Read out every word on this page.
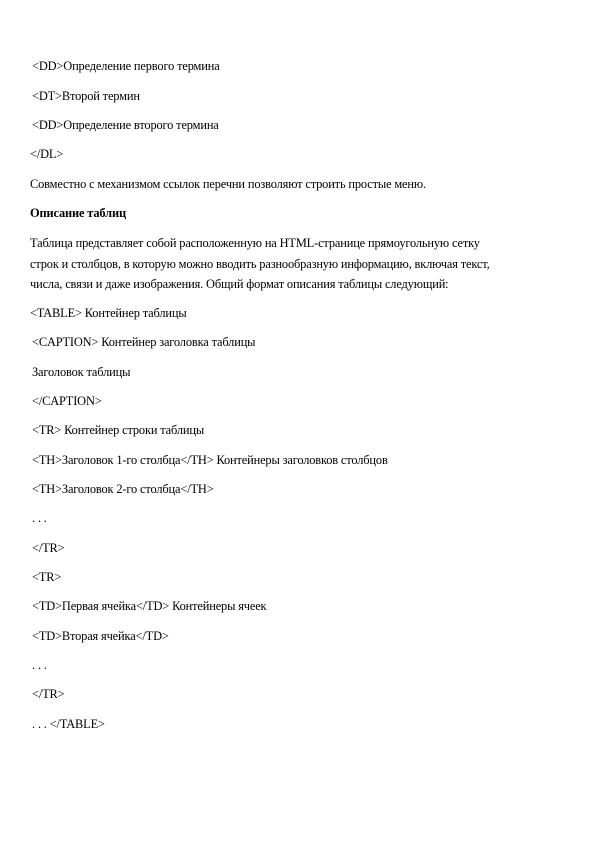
<DD>Определение первого термина
<DT>Второй термин
<DD>Определение второго термина
</DL>
Совместно с механизмом ссылок перечни позволяют строить простые меню.
Описание таблиц
Таблица представляет собой расположенную на HTML-странице прямоугольную сетку
строк и столбцов, в которую можно вводить разнообразную информацию, включая текст,
числа, связи и даже изображения. Общий формат описания таблицы следующий:
<TABLE> Контейнер таблицы
<CAPTION> Контейнер заголовка таблицы
Заголовок таблицы
</CAPTION>
<TR> Контейнер строки таблицы
<TH>Заголовок 1-го столбца</TH> Контейнеры заголовков столбцов
<TH>Заголовок 2-го столбца</TH>
. . .
</TR>
<TR>
<TD>Первая ячейка</TD> Контейнеры ячеек
<TD>Вторая ячейка</TD>
. . .
</TR>
. . . </TABLE>
